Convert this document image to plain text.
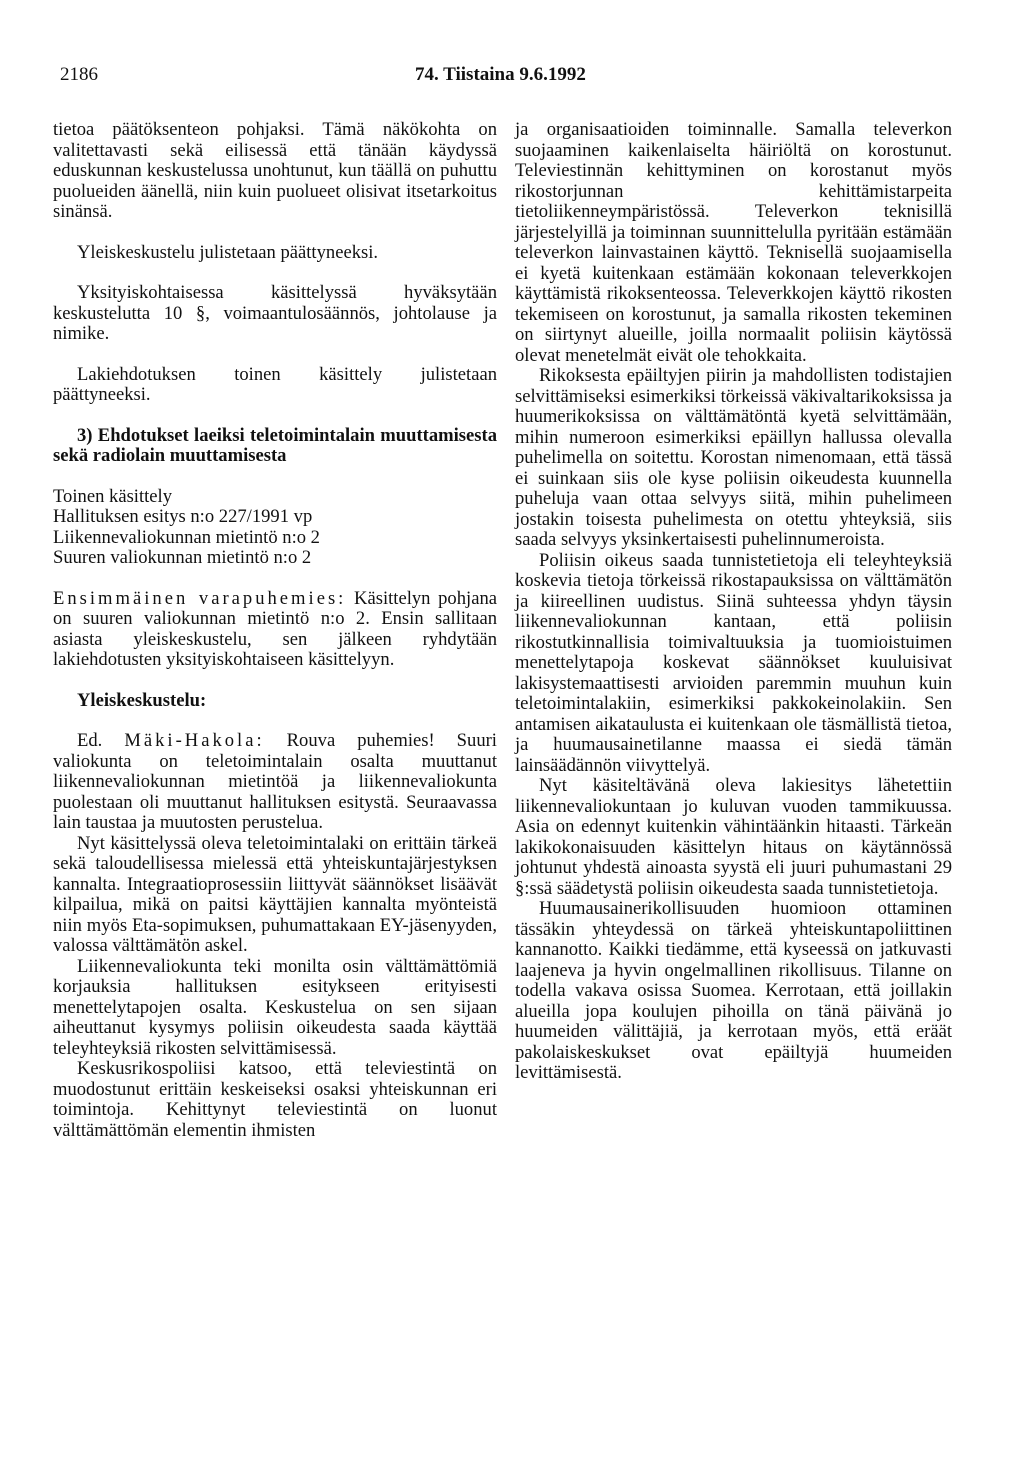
2186	74. Tiistaina 9.6.1992

tietoa päätöksenteon pohjaksi. Tämä näkökohta on valitettavasti sekä eilisessä että tänään käydyssä eduskunnan keskustelussa unohtunut, kun täällä on puhuttu puolueiden äänellä, niin kuin puolueet olisivat itsetarkoitus sinänsä.

Yleiskeskustelu julistetaan päättyneeksi.

Yksityiskohtaisessa käsittelyssä hyväksytään keskustelutta 10 §, voimaantulosäännös, johtolause ja nimike.

Lakiehdotuksen toinen käsittely julistetaan päättyneeksi.

3) Ehdotukset laeiksi teletoimintalain muuttamisesta sekä radiolain muuttamisesta

Toinen käsittely
Hallituksen esitys n:o 227/1991 vp
Liikennevaliokunnan mietintö n:o 2
Suuren valiokunnan mietintö n:o 2

Ensimmäinen varapuhemies: Käsittelyn pohjana on suuren valiokunnan mietintö n:o 2. Ensin sallitaan asiasta yleiskeskustelu, sen jälkeen ryhdytään lakiehdotusten yksityiskohtaiseen käsittelyyn.

Yleiskeskustelu:

Ed. Mäki-Hakola: Rouva puhemies! Suuri valiokunta on teletoimintalain osalta muuttanut liikennevaliokunnan mietintöä ja liikennevaliokunta puolestaan oli muuttanut hallituksen esitystä. Seuraavassa lain taustaa ja muutosten perustelua.

Nyt käsittelyssä oleva teletoimintalaki on erittäin tärkeä sekä taloudellisessa mielessä että yhteiskuntajärjestyksen kannalta. Integraatioprosessiin liittyvät säännökset lisäävät kilpailua, mikä on paitsi käyttäjien kannalta myönteistä niin myös Eta-sopimuksen, puhumattakaan EY-jäsenyyden, valossa välttämätön askel.

Liikennevaliokunta teki monilta osin välttämättömiä korjauksia hallituksen esitykseen erityisesti menettelytapojen osalta. Keskustelua on sen sijaan aiheuttanut kysymys poliisin oikeudesta saada käyttää teleyhteyksiä rikosten selvittämisessä.

Keskusrikospoliisi katsoo, että televiestintä on muodostunut erittäin keskeiseksi osaksi yhteiskunnan eri toimintoja. Kehittynyt televiestintä on luonut välttämättömän elementin ihmisten

ja organisaatioiden toiminnalle. Samalla televerkon suojaaminen kaikenlaiselta häiriöltä on korostunut. Televiestinnän kehittyminen on korostanut myös rikostorjunnan kehittämistarpeita tietoliikenneympäristössä. Televerkon teknisillä järjestelyillä ja toiminnan suunnittelulla pyritään estämään televerkon lainvastainen käyttö. Teknisellä suojaamisella ei kyetä kuitenkaan estämään kokonaan televerkkojen käyttämistä rikoksenteossa. Televerkkojen käyttö rikosten tekemiseen on korostunut, ja samalla rikosten tekeminen on siirtynyt alueille, joilla normaalit poliisin käytössä olevat menetelmät eivät ole tehokkaita.

Rikoksesta epäiltyjen piirin ja mahdollisten todistajien selvittämiseksi esimerkiksi törkeissä väkivaltarikoksissa ja huumerikoksissa on välttämätöntä kyetä selvittämään, mihin numeroon esimerkiksi epäillyn hallussa olevalla puhelimella on soitettu. Korostan nimenomaan, että tässä ei suinkaan siis ole kyse poliisin oikeudesta kuunnella puheluja vaan ottaa selvyys siitä, mihin puhelimeen jostakin toisesta puhelimesta on otettu yhteyksiä, siis saada selvyys yksinkertaisesti puhelinnumeroista.

Poliisin oikeus saada tunnistetietoja eli teleyhteyksiä koskevia tietoja törkeissä rikostapauksissa on välttämätön ja kiireellinen uudistus. Siinä suhteessa yhdyn täysin liikennevaliokunnan kantaan, että poliisin rikostutkinnallisia toimivaltuuksia ja tuomioistuimen menettelytapoja koskevat säännökset kuuluisivat lakisystemaattisesti arvioiden paremmin muuhun kuin teletoimintalakiin, esimerkiksi pakkokeinolakiin. Sen antamisen aikataulusta ei kuitenkaan ole täsmällistä tietoa, ja huumausainetilanne maassa ei siedä tämän lainsäädännön viivyttelyä.

Nyt käsiteltävänä oleva lakiesitys lähetettiin liikennevaliokuntaan jo kuluvan vuoden tammikuussa. Asia on edennyt kuitenkin vähintäänkin hitaasti. Tärkeän lakikokonaisuuden käsittelyn hitaus on käytännössä johtunut yhdestä ainoasta syystä eli juuri puhumastani 29 §:ssä säädetystä poliisin oikeudesta saada tunnistetietoja.

Huumausainerikollisuuden huomioon ottaminen tässäkin yhteydessä on tärkeä yhteiskuntapoliittinen kannanotto. Kaikki tiedämme, että kyseessä on jatkuvasti laajeneva ja hyvin ongelmallinen rikollisuus. Tilanne on todella vakava osissa Suomea. Kerrotaan, että joillakin alueilla jopa koulujen pihoilla on tänä päivänä jo huumeiden välittäjiä, ja kerrotaan myös, että eräät pakolaiskeskukset ovat epäiltyjä huumeiden levittämisestä.
